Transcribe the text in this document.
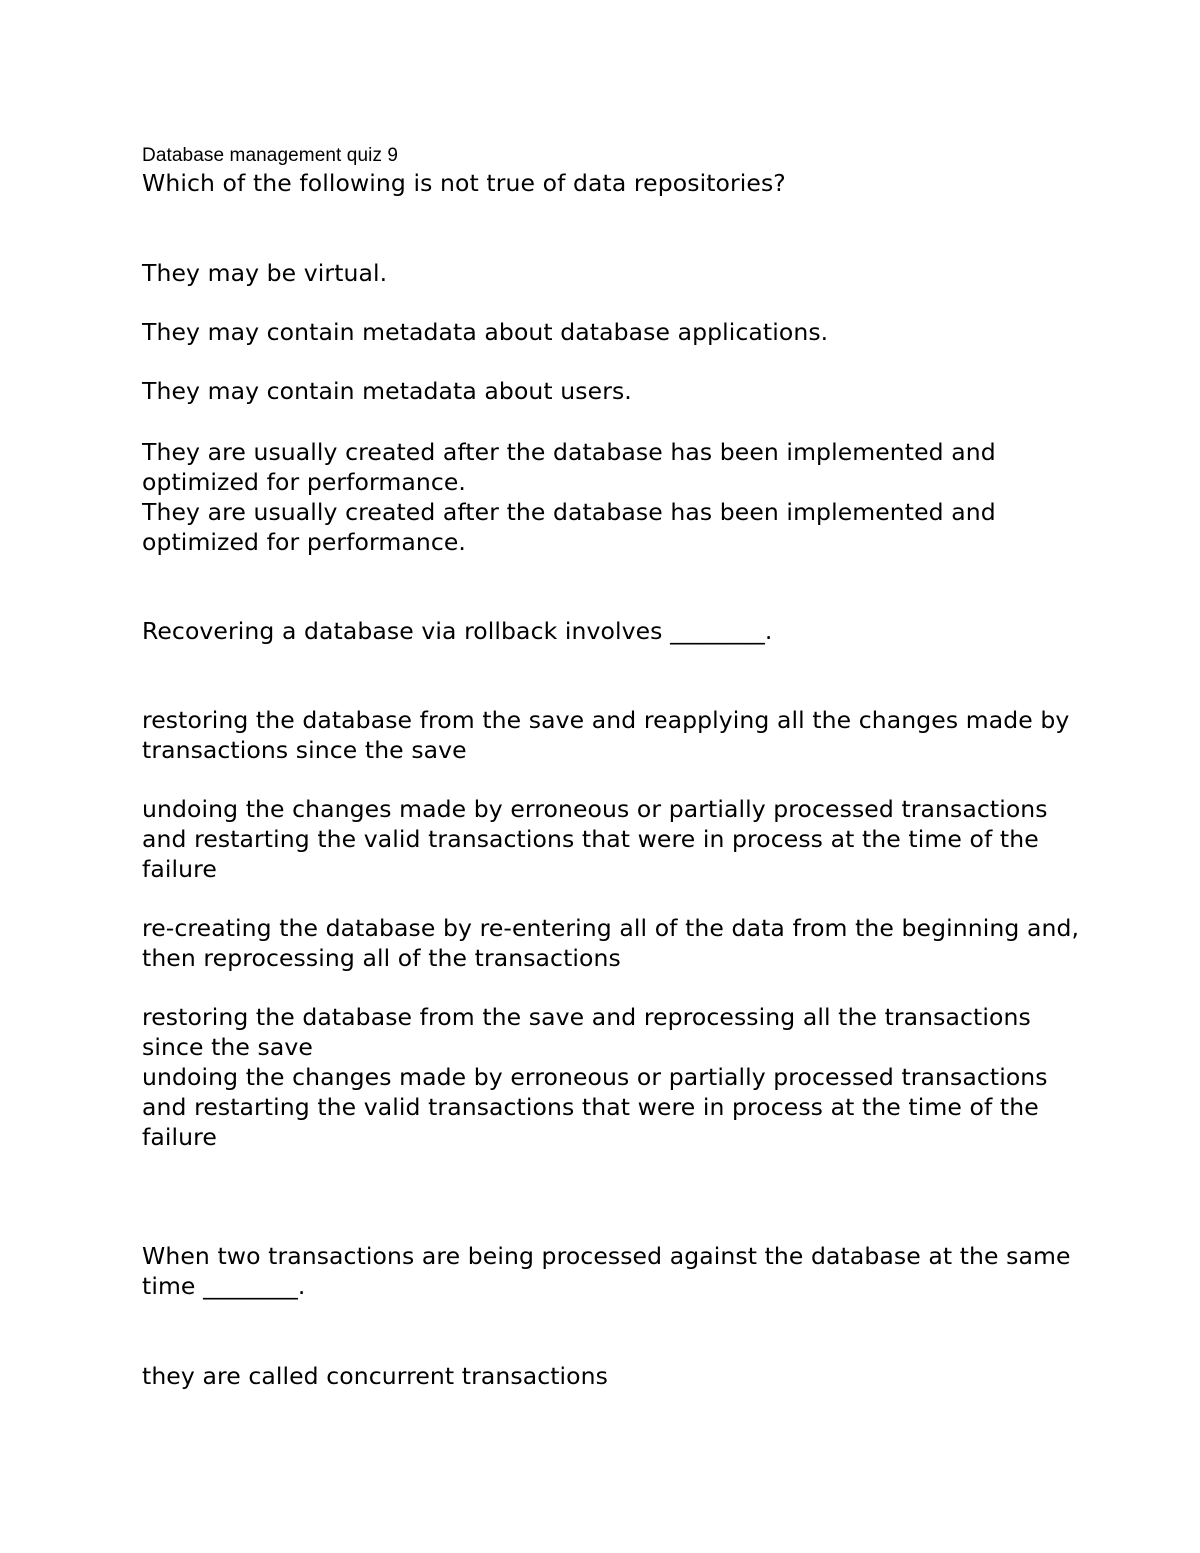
Database management quiz 9

Which of the following is not true of data repositories?

They may be virtual.

They may contain metadata about database applications.

They may contain metadata about users.

They are usually created after the database has been implemented and optimized for performance.

They are usually created after the database has been implemented and optimized for performance.

Recovering a database via rollback involves ________.

restoring the database from the save and reapplying all the changes made by transactions since the save

undoing the changes made by erroneous or partially processed transactions and restarting the valid transactions that were in process at the time of the failure

re-creating the database by re-entering all of the data from the beginning and, then reprocessing all of the transactions

restoring the database from the save and reprocessing all the transactions since the save

undoing the changes made by erroneous or partially processed transactions and restarting the valid transactions that were in process at the time of the failure

When two transactions are being processed against the database at the same time ________.

they are called concurrent transactions
